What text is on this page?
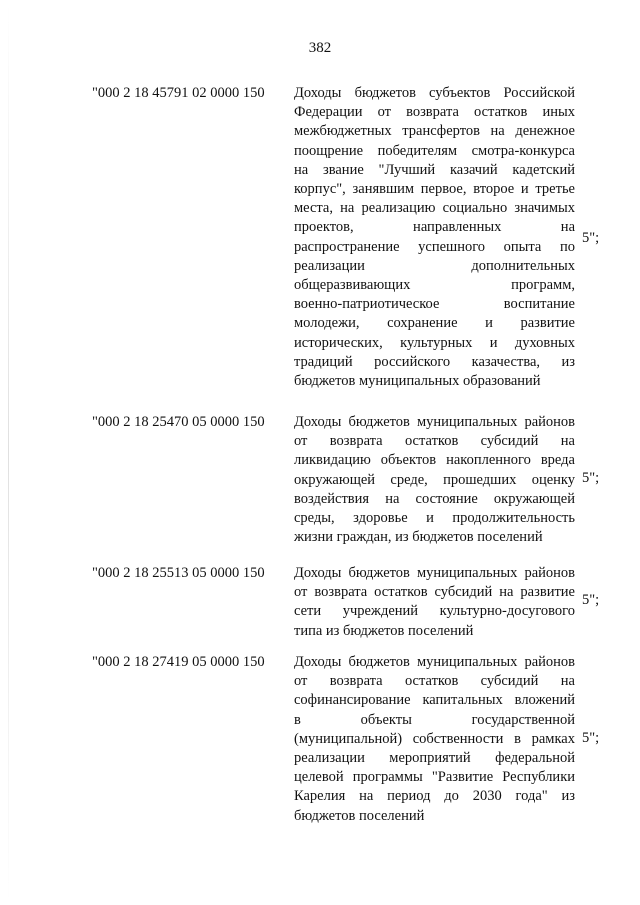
382
"000 2 18 45791 02 0000 150 Доходы бюджетов субъектов Российской
Федерации от возврата остатков иных
межбюджетных трансфертов на денежное
поощрение победителям смотра-конкурса
на звание "Лучший казачий кадетский
корпус", занявшим первое, второе и третье
места, на реализацию социально значимых
проектов, направленных на
распространение успешного опыта по
реализации дополнительных
общеразвивающих программ,
военно-патриотическое воспитание
молодежи, сохранение и развитие
исторических, культурных и духовных
традиций российского казачества, из
бюджетов муниципальных образований
5";
"000 2 18 25470 05 0000 150 Доходы бюджетов муниципальных районов
от возврата остатков субсидий на
ликвидацию объектов накопленного вреда
окружающей среде, прошедших оценку
воздействия на состояние окружающей
среды, здоровье и продолжительность
жизни граждан, из бюджетов поселений
5";
"000 2 18 25513 05 0000 150 Доходы бюджетов муниципальных районов
от возврата остатков субсидий на развитие
сети учреждений культурно-досугового
типа из бюджетов поселений
5";
"000 2 18 27419 05 0000 150 Доходы бюджетов муниципальных районов
от возврата остатков субсидий на
софинансирование капитальных вложений
в объекты государственной
(муниципальной) собственности в рамках
реализации мероприятий федеральной
целевой программы "Развитие Республики
Карелия на период до 2030 года" из
бюджетов поселений
5";
